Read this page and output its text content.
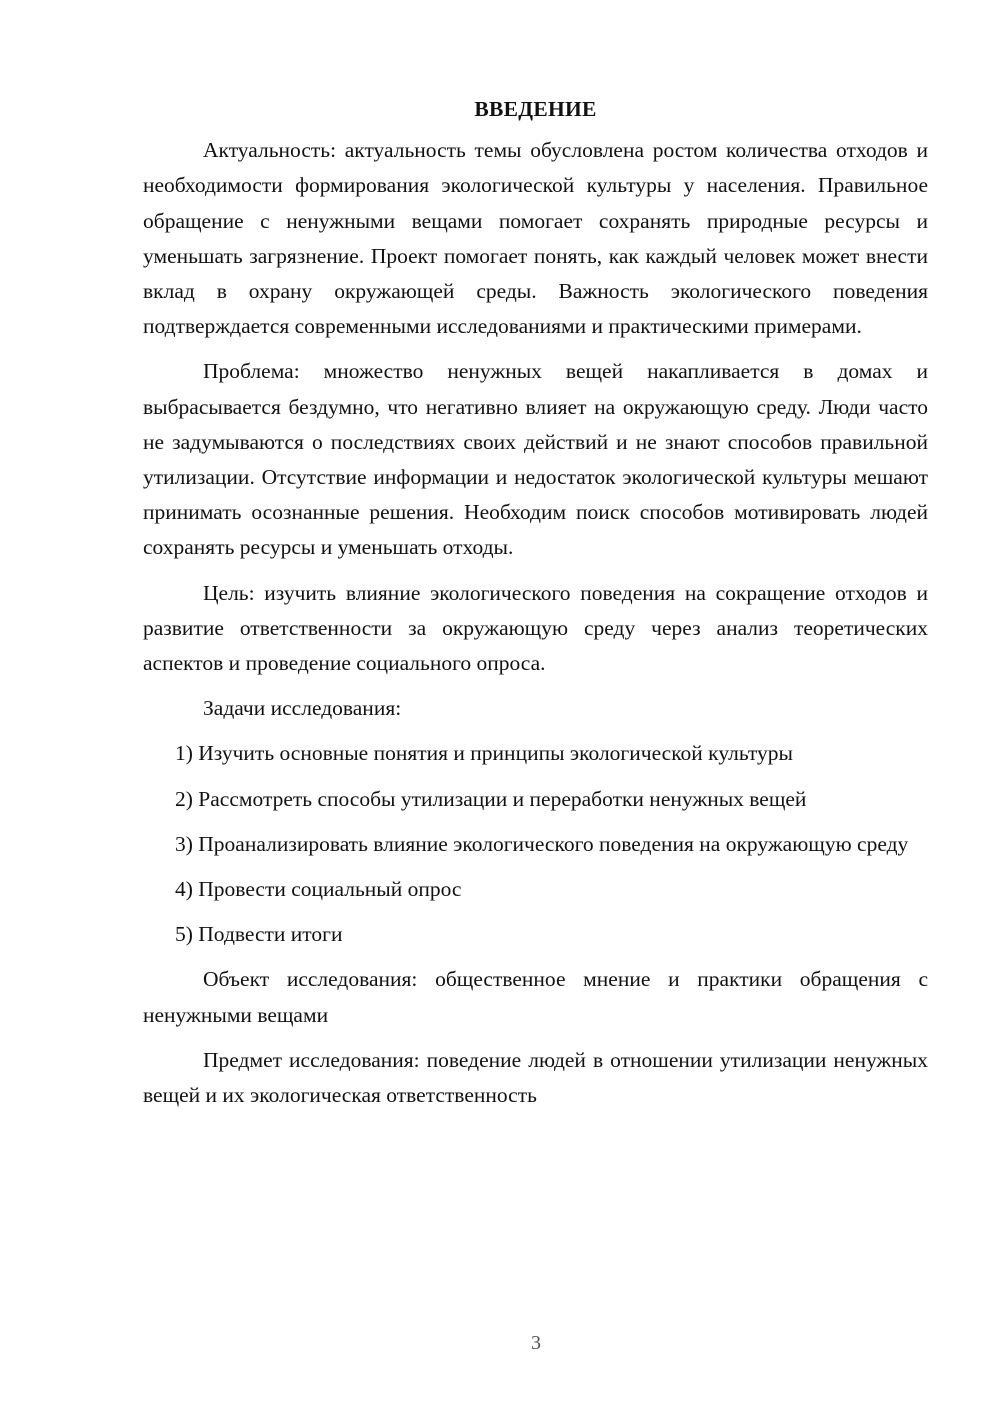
ВВЕДЕНИЕ

Актуальность: актуальность темы обусловлена ростом количества отходов и необходимости формирования экологической культуры у населения. Правильное обращение с ненужными вещами помогает сохранять природные ресурсы и уменьшать загрязнение. Проект помогает понять, как каждый человек может внести вклад в охрану окружающей среды. Важность экологического поведения подтверждается современными исследованиями и практическими примерами.

Проблема: множество ненужных вещей накапливается в домах и выбрасывается бездумно, что негативно влияет на окружающую среду. Люди часто не задумываются о последствиях своих действий и не знают способов правильной утилизации. Отсутствие информации и недостаток экологической культуры мешают принимать осознанные решения. Необходим поиск способов мотивировать людей сохранять ресурсы и уменьшать отходы.

Цель: изучить влияние экологического поведения на сокращение отходов и развитие ответственности за окружающую среду через анализ теоретических аспектов и проведение социального опроса.

Задачи исследования:

1) Изучить основные понятия и принципы экологической культуры

2) Рассмотреть способы утилизации и переработки ненужных вещей

3) Проанализировать влияние экологического поведения на окружающую среду

4) Провести социальный опрос

5) Подвести итоги

Объект исследования: общественное мнение и практики обращения с ненужными вещами

Предмет исследования: поведение людей в отношении утилизации ненужных вещей и их экологическая ответственность

3
